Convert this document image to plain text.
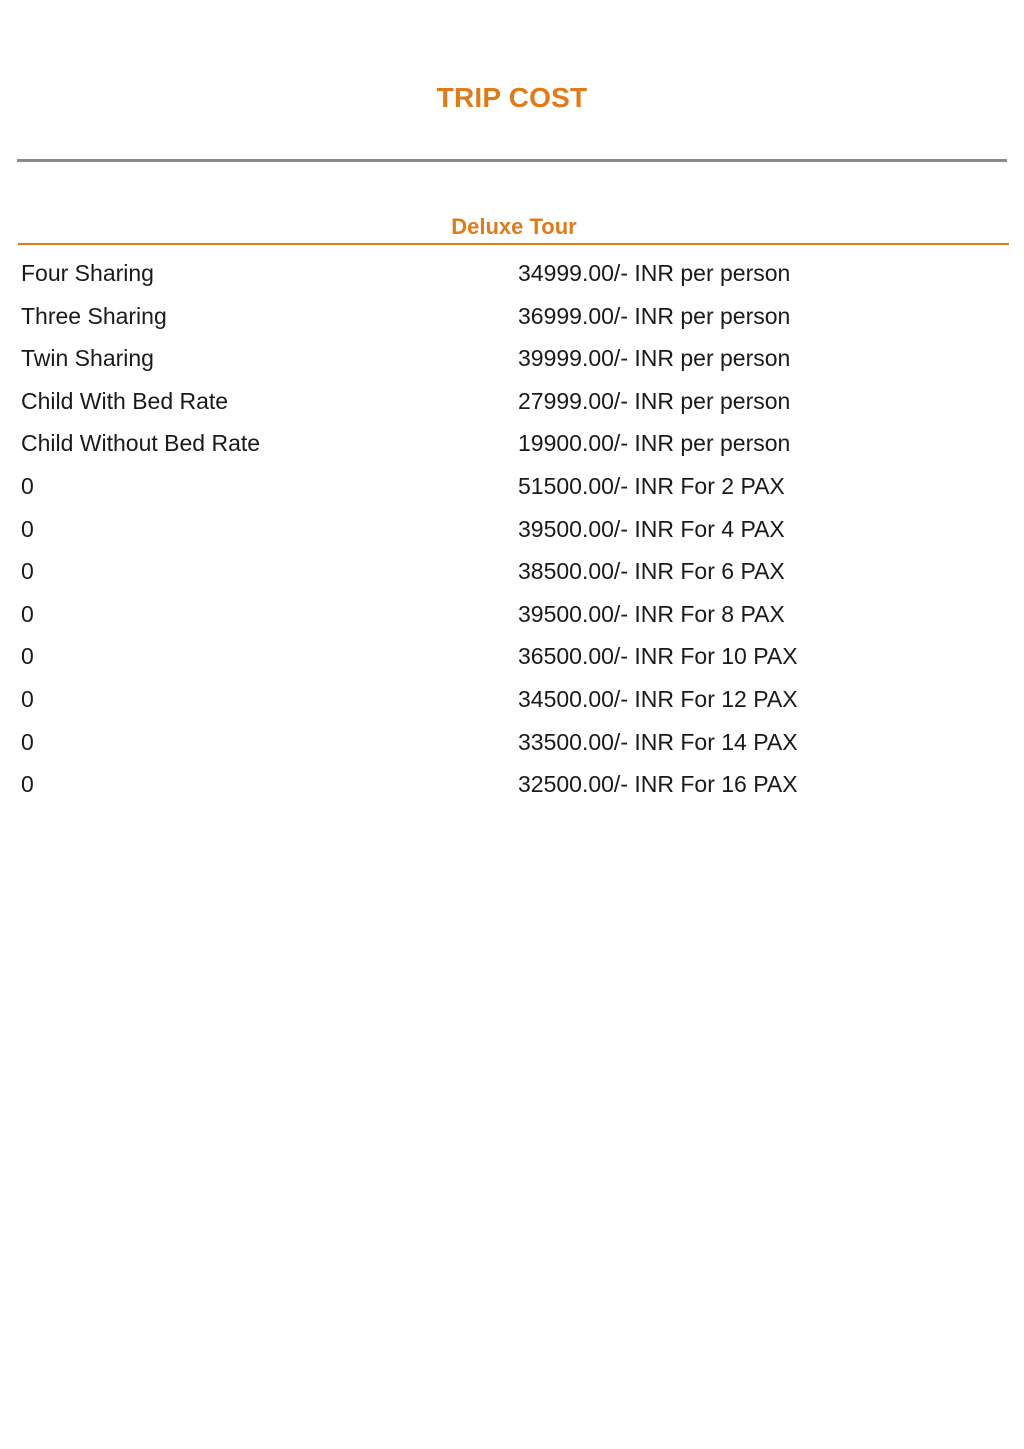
TRIP COST
Deluxe Tour
Four Sharing	34999.00/- INR per person
Three Sharing	36999.00/- INR per person
Twin Sharing	39999.00/- INR per person
Child With Bed Rate	27999.00/- INR per person
Child Without Bed Rate	19900.00/- INR per person
0	51500.00/- INR For 2 PAX
0	39500.00/- INR For 4 PAX
0	38500.00/- INR For 6 PAX
0	39500.00/- INR For 8 PAX
0	36500.00/- INR For 10 PAX
0	34500.00/- INR For 12 PAX
0	33500.00/- INR For 14 PAX
0	32500.00/- INR For 16 PAX
